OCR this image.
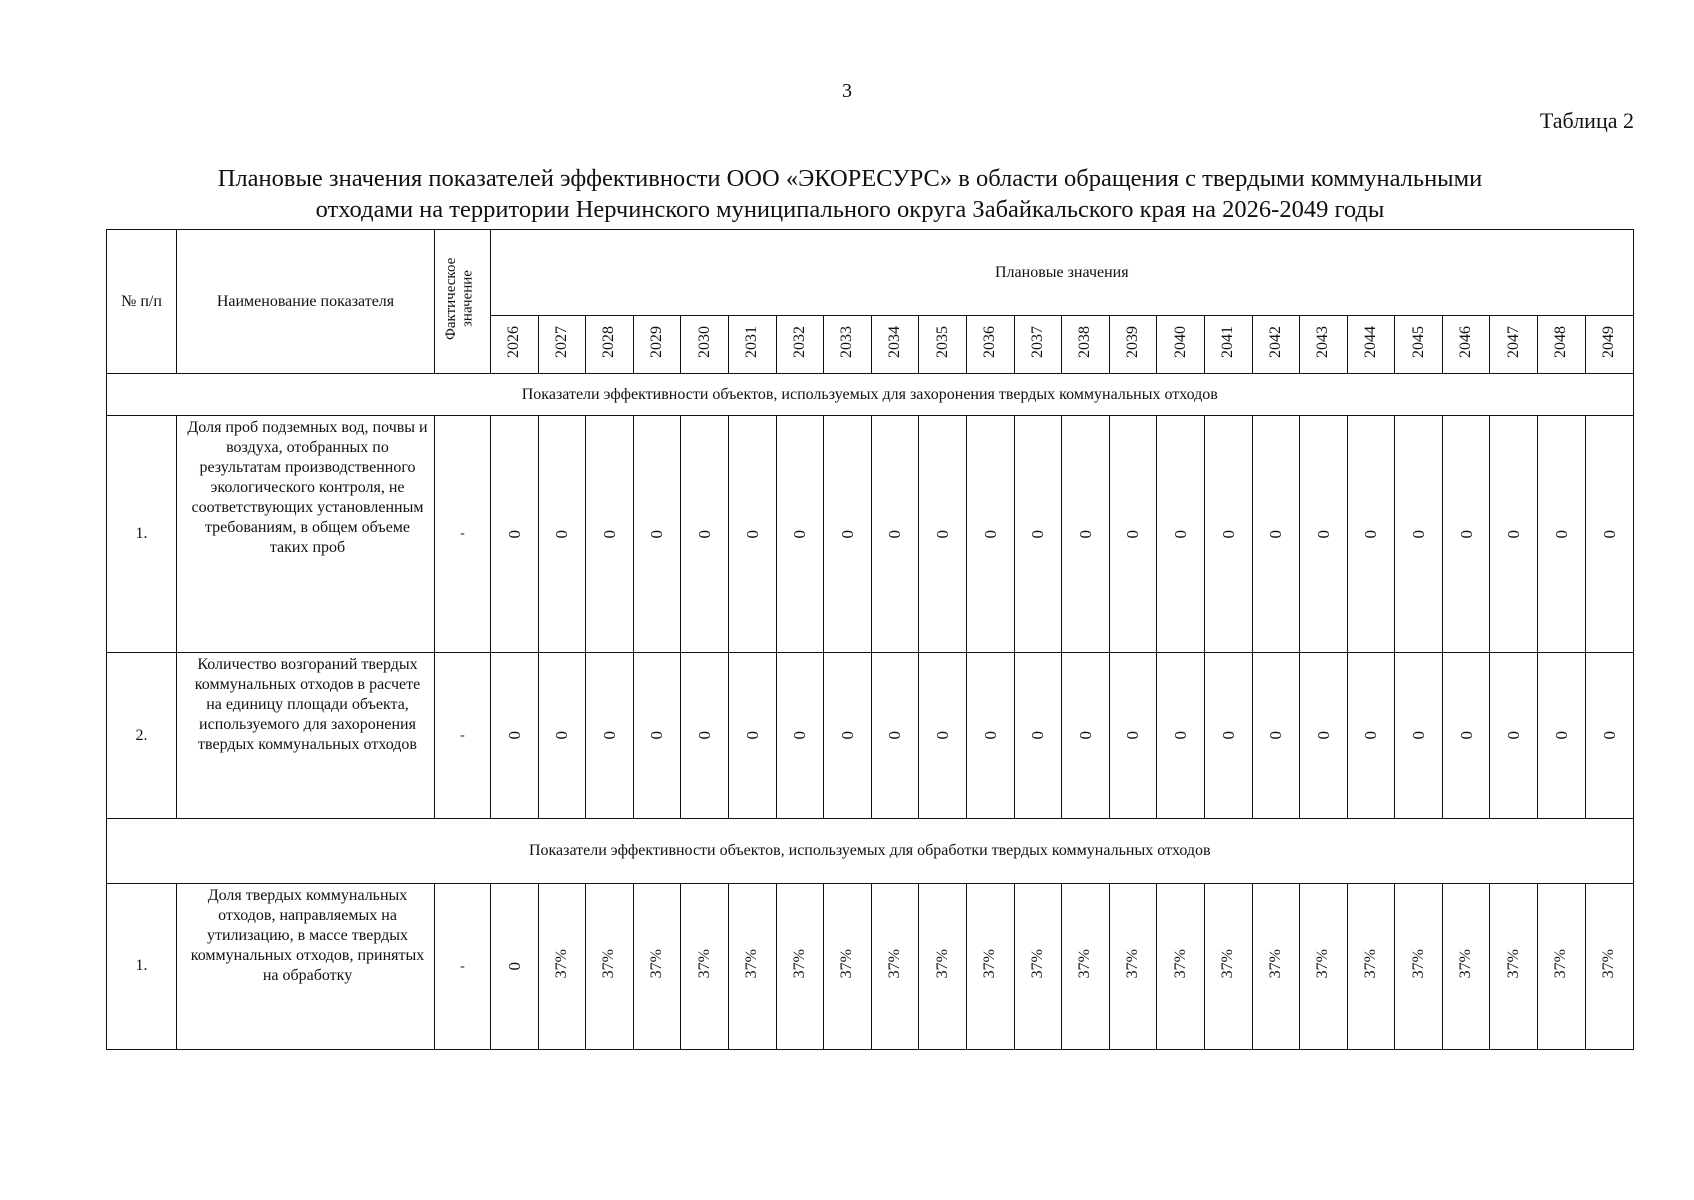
3
Таблица 2
Плановые значения показателей эффективности ООО «ЭКОРЕСУРС» в области обращения с твердыми коммунальными
отходами на территории Нерчинского муниципального округа Забайкальского края на 2026-2049 годы
№ п/п	Наименование показателя	Фактическое значение	Плановые значения																							
			2026	2027	2028	2029	2030	2031	2032	2033	2034	2035	2036	2037	2038	2039	2040	2041	2042	2043	2044	2045	2046	2047	2048	2049
Показатели эффективности объектов, используемых для захоронения твердых коммунальных отходов																										
1.	Доля проб подземных вод, почвы и воздуха, отобранных по результатам производственного экологического контроля, не соответствующих установленным требованиям, в общем объеме таких проб	-	0	0	0	0	0	0	0	0	0	0	0	0	0	0	0	0	0	0	0	0	0	0	0	0
2.	Количество возгораний твердых коммунальных отходов в расчете на единицу площади объекта, используемого для захоронения твердых коммунальных отходов	-	0	0	0	0	0	0	0	0	0	0	0	0	0	0	0	0	0	0	0	0	0	0	0	0
Показатели эффективности объектов, используемых для обработки твердых коммунальных отходов																										
1.	Доля твердых коммунальных отходов, направляемых на утилизацию, в массе твердых коммунальных отходов, принятых на обработку	-	0	37%	37%	37%	37%	37%	37%	37%	37%	37%	37%	37%	37%	37%	37%	37%	37%	37%	37%	37%	37%	37%	37%	37%
